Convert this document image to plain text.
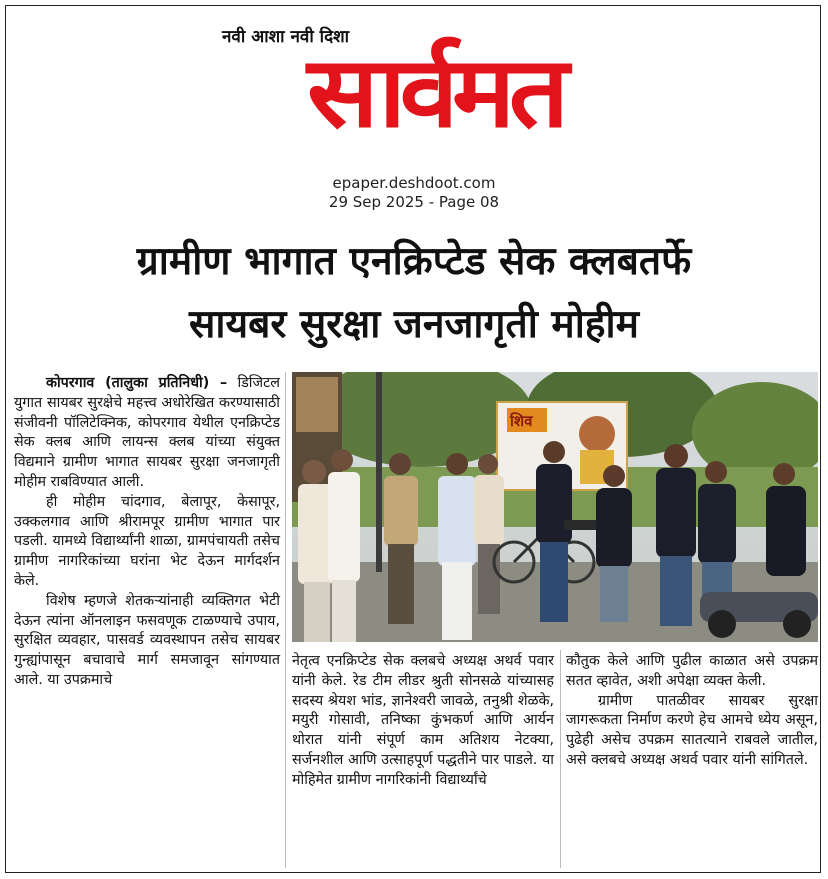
नवी आशा नवी दिशा
सार्वमत
epaper.deshdoot.com
29 Sep 2025 - Page 08
ग्रामीण भागात एनक्रिप्टेड सेक क्लबतर्फे
सायबर सुरक्षा जनजागृती मोहीम

कोपरगाव (तालुका प्रतिनिधी) – डिजिटल युगात सायबर सुरक्षेचे महत्त्व अधोरेखित करण्यासाठी संजीवनी पॉलिटेक्निक, कोपरगाव येथील एनक्रिप्टेड सेक क्लब आणि लायन्स क्लब यांच्या संयुक्त विद्यमाने ग्रामीण भागात सायबर सुरक्षा जनजागृती मोहीम राबविण्यात आली.

ही मोहीम चांदगाव, बेलापूर, केसापूर, उक्कलगाव आणि श्रीरामपूर ग्रामीण भागात पार पडली. यामध्ये विद्यार्थ्यांनी शाळा, ग्रामपंचायती तसेच ग्रामीण नागरिकांच्या घरांना भेट देऊन मार्गदर्शन केले.

विशेष म्हणजे शेतकऱ्यांनाही व्यक्तिगत भेटी देऊन त्यांना ऑनलाइन फसवणूक टाळण्याचे उपाय, सुरक्षित व्यवहार, पासवर्ड व्यवस्थापन तसेच सायबर गुन्ह्यांपासून बचावाचे मार्ग समजावून सांगण्यात आले. या उपक्रमाचे

शिव

नेतृत्व एनक्रिप्टेड सेक क्लबचे अध्यक्ष अथर्व पवार यांनी केले. रेड टीम लीडर श्रुती सोनसळे यांच्यासह सदस्य श्रेयश भांड, ज्ञानेश्वरी जावळे, तनुश्री शेळके, मयुरी गोसावी, तनिष्का कुंभकर्ण आणि आर्यन थोरात यांनी संपूर्ण काम अतिशय नेटक्या, सर्जनशील आणि उत्साहपूर्ण पद्धतीने पार पाडले. या मोहिमेत ग्रामीण नागरिकांनी विद्यार्थ्यांचे

कौतुक केले आणि पुढील काळात असे उपक्रम सतत व्हावेत, अशी अपेक्षा व्यक्त केली.

ग्रामीण पातळीवर सायबर सुरक्षा जागरूकता निर्माण करणे हेच आमचे ध्येय असून, पुढेही असेच उपक्रम सातत्याने राबवले जातील, असे क्लबचे अध्यक्ष अथर्व पवार यांनी सांगितले.
